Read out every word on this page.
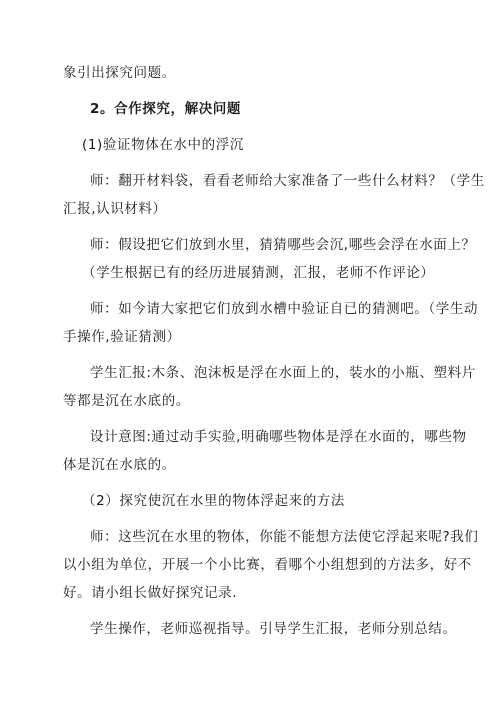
象引出探究问题。
2。合作探究，解决问题
(1)验证物体在水中的浮沉
师：翻开材料袋，看看老师给大家准备了一些什么材料？（学生
汇报,认识材料）
师：假设把它们放到水里，猜猜哪些会沉,哪些会浮在水面上？
（学生根据已有的经历进展猜测，汇报，老师不作评论）
师：如今请大家把它们放到水槽中验证自已的猜测吧。（学生动
手操作,验证猜测）
学生汇报:木条、泡沫板是浮在水面上的，装水的小瓶、塑料片
等都是沉在水底的。
设计意图:通过动手实验,明确哪些物体是浮在水面的，哪些物
体是沉在水底的。
（2）探究使沉在水里的物体浮起来的方法
师：这些沉在水里的物体，你能不能想方法使它浮起来呢?我们
以小组为单位，开展一个小比赛，看哪个小组想到的方法多，好不
好。请小组长做好探究记录.
学生操作，老师巡视指导。引导学生汇报，老师分别总结。
